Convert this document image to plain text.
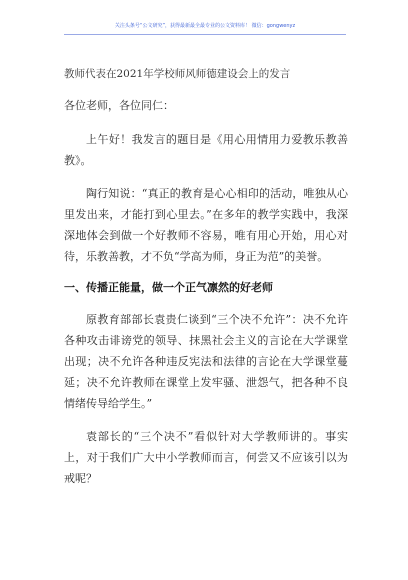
关注头条号“公文研究”，获得最新最全最专业的公文资料库！ 微信：gongwenyz
教师代表在2021年学校师风师德建设会上的发言
各位老师，各位同仁：

上午好！我发言的题目是《用心用情用力爱教乐教善教》。

陶行知说：“真正的教育是心心相印的活动，唯独从心里发出来，才能打到心里去。”在多年的教学实践中，我深深地体会到做一个好教师不容易，唯有用心开始，用心对待，乐教善教，才不负“学高为师，身正为范”的美誉。

一、传播正能量，做一个正气凛然的好老师

原教育部部长袁贵仁谈到“三个决不允许”：决不允许各种攻击诽谤党的领导、抹黑社会主义的言论在大学课堂出现；决不允许各种违反宪法和法律的言论在大学课堂蔓延；决不允许教师在课堂上发牢骚、泄怨气，把各种不良情绪传导给学生。”

袁部长的“三个决不”看似针对大学教师讲的。事实上，对于我们广大中小学教师而言，何尝又不应该引以为戒呢？
